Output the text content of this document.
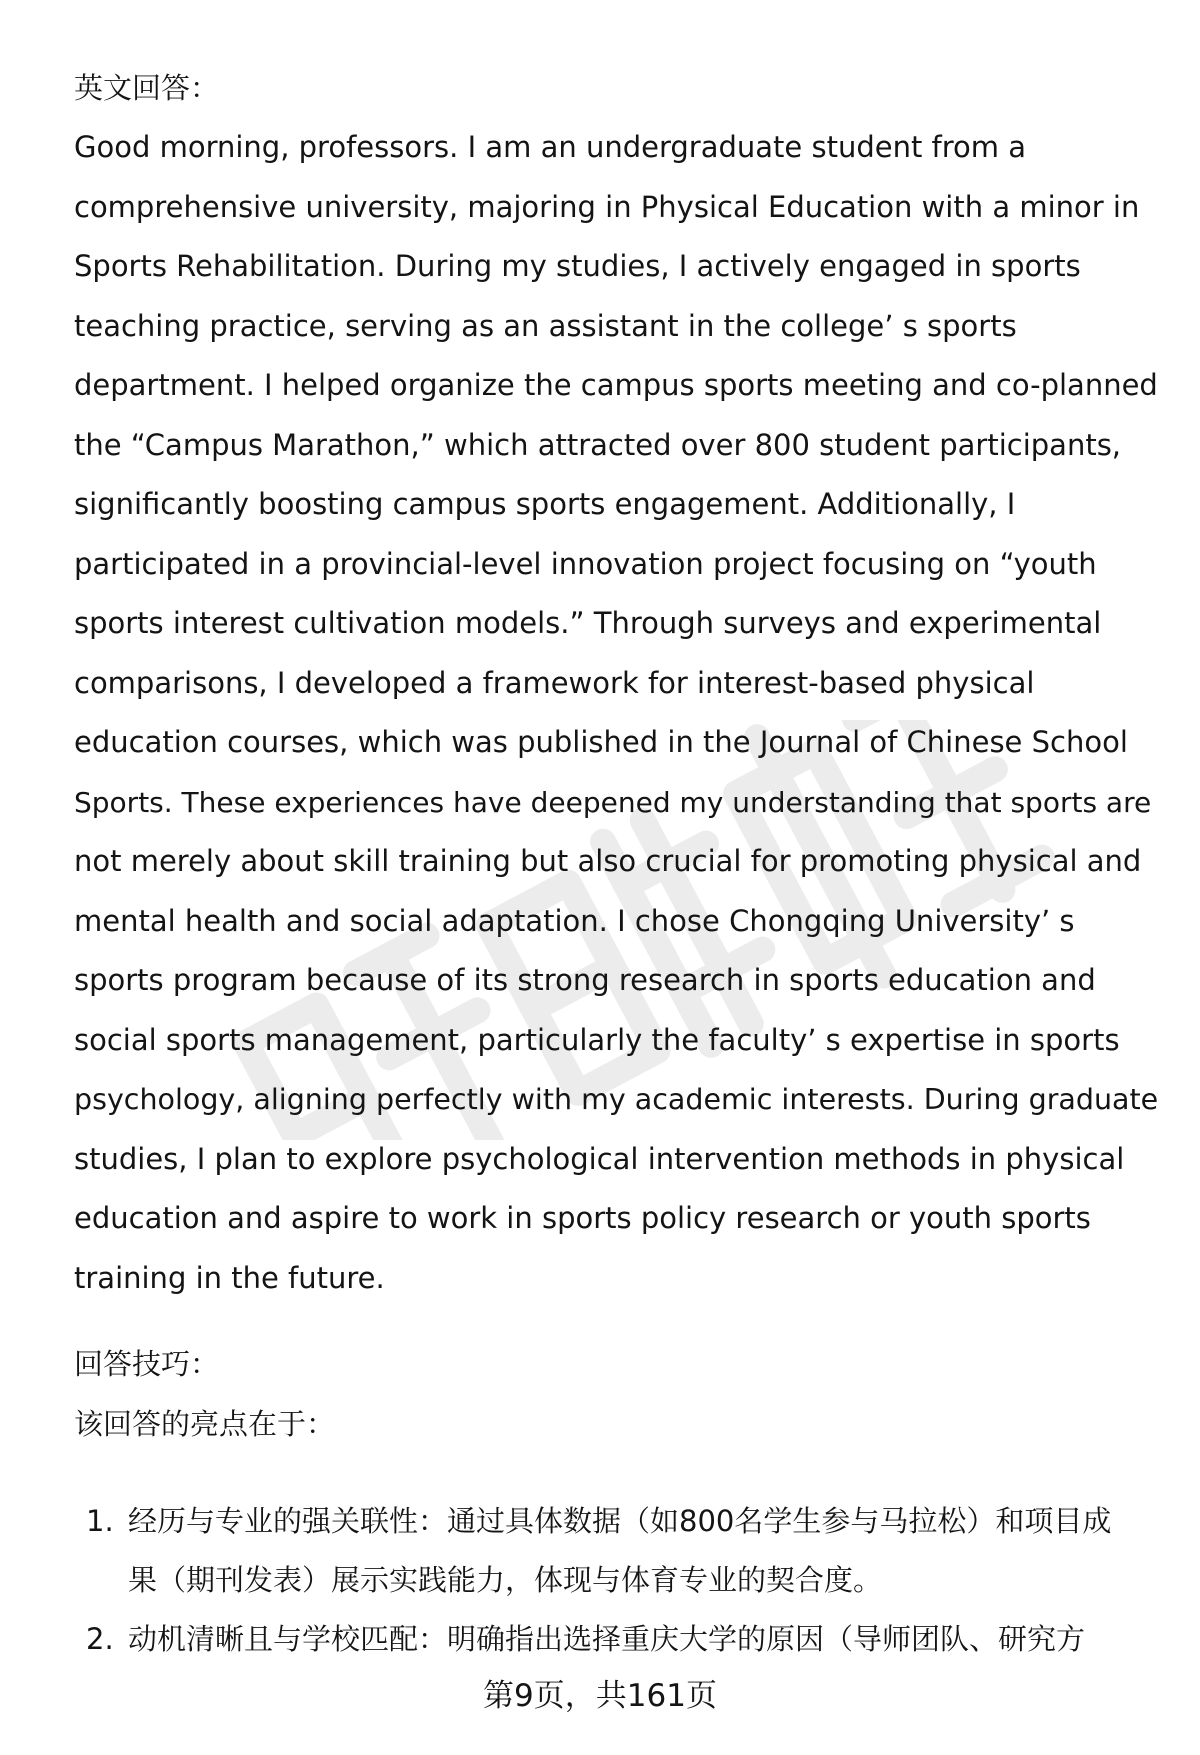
英文回答：

Good morning, professors. I am an undergraduate student from a
comprehensive university, majoring in Physical Education with a minor in
Sports Rehabilitation. During my studies, I actively engaged in sports
teaching practice, serving as an assistant in the college’ s sports
department. I helped organize the campus sports meeting and co-planned
the “Campus Marathon,” which attracted over 800 student participants,
significantly boosting campus sports engagement. Additionally, I
participated in a provincial-level innovation project focusing on “youth
sports interest cultivation models.” Through surveys and experimental
comparisons, I developed a framework for interest-based physical
education courses, which was published in the Journal of Chinese School
Sports. These experiences have deepened my understanding that sports are
not merely about skill training but also crucial for promoting physical and
mental health and social adaptation. I chose Chongqing University’ s
sports program because of its strong research in sports education and
social sports management, particularly the faculty’ s expertise in sports
psychology, aligning perfectly with my academic interests. During graduate
studies, I plan to explore psychological intervention methods in physical
education and aspire to work in sports policy research or youth sports
training in the future.

回答技巧：
该回答的亮点在于：
1. 经历与专业的强关联性：通过具体数据（如800名学生参与马拉松）和项目成
果（期刊发表）展示实践能力，体现与体育专业的契合度。
2. 动机清晰且与学校匹配：明确指出选择重庆大学的原因（导师团队、研究方
第9页，共161页
